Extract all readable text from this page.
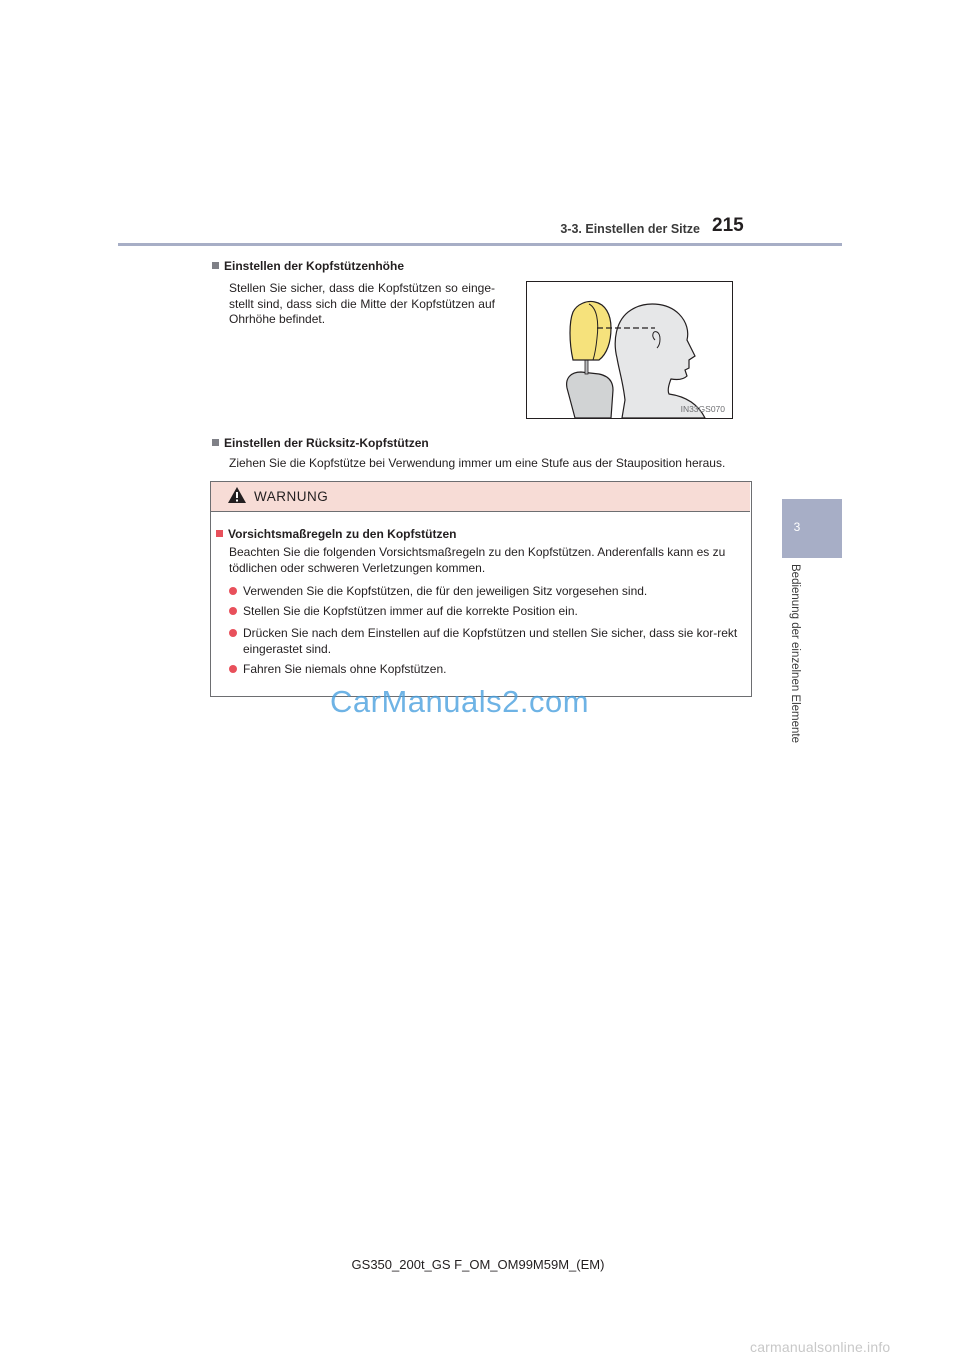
3-3. Einstellen der Sitze 215
3
Bedienung der einzelnen Elemente
Einstellen der Kopfstützenhöhe
Stellen Sie sicher, dass die Kopfstützen so einge-stellt sind, dass sich die Mitte der Kopfstützen auf Ohrhöhe befindet.
IN33GS070
Einstellen der Rücksitz-Kopfstützen
Ziehen Sie die Kopfstütze bei Verwendung immer um eine Stufe aus der Stauposition heraus.
WARNUNG
Vorsichtsmaßregeln zu den Kopfstützen
Beachten Sie die folgenden Vorsichtsmaßregeln zu den Kopfstützen. Anderenfalls kann es zu tödlichen oder schweren Verletzungen kommen.
Verwenden Sie die Kopfstützen, die für den jeweiligen Sitz vorgesehen sind.
Stellen Sie die Kopfstützen immer auf die korrekte Position ein.
Drücken Sie nach dem Einstellen auf die Kopfstützen und stellen Sie sicher, dass sie kor-rekt eingerastet sind.
Fahren Sie niemals ohne Kopfstützen.
CarManuals2.com
GS350_200t_GS F_OM_OM99M59M_(EM)
carmanualsonline.info
